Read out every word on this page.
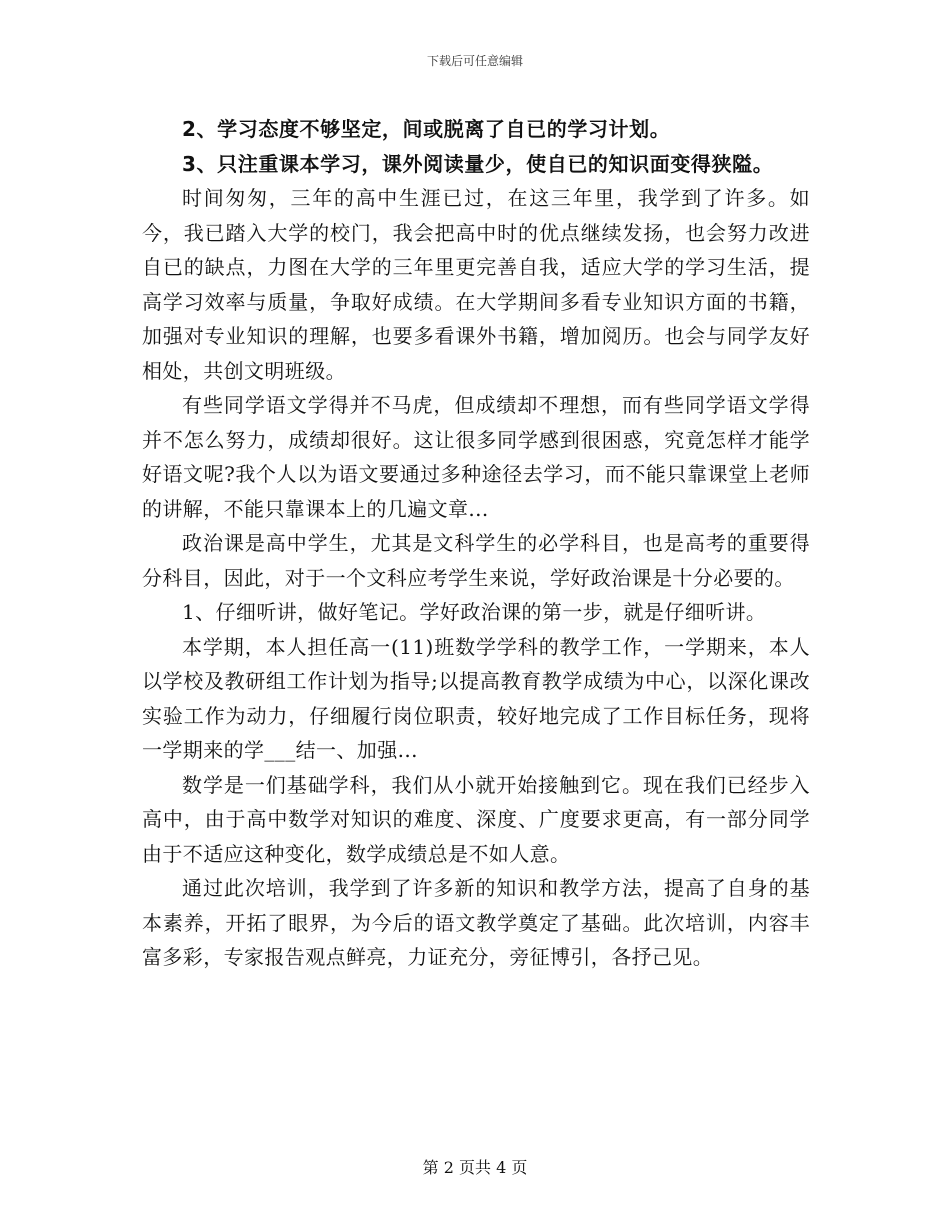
下载后可任意编辑

2、学习态度不够坚定，间或脱离了自已的学习计划。

3、只注重课本学习，课外阅读量少，使自已的知识面变得狭隘。

时间匆匆，三年的高中生涯已过，在这三年里，我学到了许多。如今，我已踏入大学的校门，我会把高中时的优点继续发扬，也会努力改进自已的缺点，力图在大学的三年里更完善自我，适应大学的学习生活，提高学习效率与质量，争取好成绩。在大学期间多看专业知识方面的书籍，加强对专业知识的理解，也要多看课外书籍，增加阅历。也会与同学友好相处，共创文明班级。

有些同学语文学得并不马虎，但成绩却不理想，而有些同学语文学得并不怎么努力，成绩却很好。这让很多同学感到很困惑，究竟怎样才能学好语文呢?我个人以为语文要通过多种途径去学习，而不能只靠课堂上老师的讲解，不能只靠课本上的几遍文章...

政治课是高中学生，尤其是文科学生的必学科目，也是高考的重要得分科目，因此，对于一个文科应考学生来说，学好政治课是十分必要的。

1、仔细听讲，做好笔记。学好政治课的第一步，就是仔细听讲。

本学期，本人担任高一(11)班数学学科的教学工作，一学期来，本人以学校及教研组工作计划为指导;以提高教育教学成绩为中心，以深化课改实验工作为动力，仔细履行岗位职责，较好地完成了工作目标任务，现将一学期来的学___结一、加强...

数学是一们基础学科，我们从小就开始接触到它。现在我们已经步入高中，由于高中数学对知识的难度、深度、广度要求更高，有一部分同学由于不适应这种变化，数学成绩总是不如人意。

通过此次培训，我学到了许多新的知识和教学方法，提高了自身的基本素养，开拓了眼界，为今后的语文教学奠定了基础。此次培训，内容丰富多彩，专家报告观点鲜亮，力证充分，旁征博引，各抒己见。

第 2 页共 4 页
